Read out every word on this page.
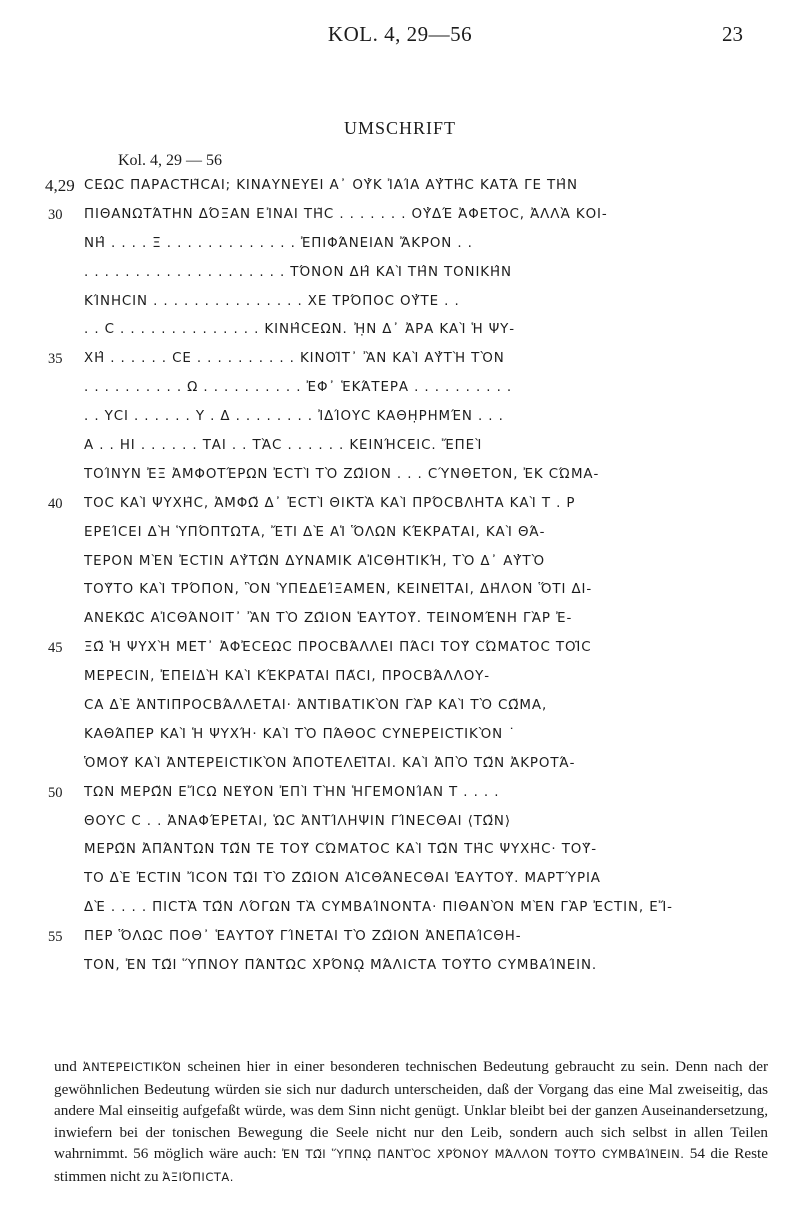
KOL. 4, 29—56	23
UMSCHRIFT
Kol. 4, 29 — 56
4,29 ϹΕΩϹ ΠΑΡΑϹΤΗ͂ϹΑΙ; ΚΙΝΑΥΝΕΥΕΙ Α᾽ ΟΥ̓Κ ἸΑΊΑ ΑΥ̓ΤΗ͂Ϲ ΚΑΤΆ ΓΕ ΤΗ̂Ν
30	ΠΙΘΑΝΩΤΆΤΗΝ ΔΌΞΑΝ ΕἾΝΑΙ ΤΗ͂Ϲ . . . . . . . ΟΥ̓ΔΈ ἈΦΕΤΟϹ, ἈΛΛᾺ ΚΟΙ-
ΝΗ̂ . . . . Ξ . . . . . . . . . . . . . ἘΠΙΦΆΝΕΙΑΝ ἌΚΡΟΝ . .
. . . . . . . . . . . . . . . . . . . . ΤΌΝΟΝ ΔΗ̂ ΚΑῚ ΤΗ̂Ν ΤΟΝΙΚΗ̂Ν
ΚΊΝΗϹΙΝ . . . . . . . . . . . . . . . ΧΕ ΤΡΌΠΟϹ ΟΥ̓ΤΕ . .
. . Ϲ . . . . . . . . . . . . . . ΚΙΝΗ̂ϹΕΩΝ. Ἦ̣Ν Δ᾽ ἈΡΑ ΚΑῚ Ἡ ΨΥ-
35	ΧΗ̂ . . . . . . ϹΕ . . . . . . . . . . ΚΙΝΟΙ͂Τ᾽ ἊΝ ΚΑῚ ΑΥ̓ΤῊ ΤῸΝ
. . . . . . . . . . Ω . . . . . . . . . . ἘΦ᾽ ἙΚΆΤΕΡΑ . . . . . . . . . .
. . ΥϹΙ . . . . . . Υ . Δ . . . . . . . . ἸΔΊΟΥϹ ΚΑΘΗ̣ΡΗΜΈΝ . . .
Α . . ΗΙ . . . . . . ΤΑΙ . . ΤᾺϹ . . . . . . ΚΕΙΝΉϹΕΙϹ. ἜΠΕῚ
ΤΟΊΝΥΝ ἘΞ ἈΜΦΟΤΈΡΩΝ ἘϹΤῚ ΤῸ ΖΩ͂ΙΟΝ . . . ϹΎΝΘΕΤΟΝ, ἘΚ ϹΏΜΑ-
40	ΤΟϹ ΚΑῚ ΨΥΧΗ͂Ϲ, ἈΜΦΩ͂ Δ᾽ ἘϹΤῚ ΘΙΚΤᾺ ΚΑῚ ΠΡΌϹΒΛΗΤΑ ΚΑῚ Τ . Ρ
ΕΡΕΊϹΕΙ ΔῊ ὙΠΌΠΤΩΤΑ, ἜΤΙ ΔῈ ΑἹ ὍΛΩΝ ΚΈΚΡΑΤΑΙ, ΚΑῚ ΘΆ-
ΤΕΡΟΝ ΜῈΝ ἘϹΤΙΝ ΑΥ̓ΤΩ͂Ν ΔΥΝΑΜΙΚ ΑἸϹΘΗΤΙΚΉ, ΤῸ Δ᾽ ΑΥ̓ΤῸ
ΤΟΥ͂ΤΟ ΚΑῚ ΤΡΌΠΟΝ, ὋΝ ὙΠΕΔΕΊΞΑΜΕΝ, ΚΕΙΝΕΙ͂ΤΑΙ, ΔΗ͂ΛΟΝ ὍΤΙ ΔΙ-
ΑΝΕΚΩ͂Ϲ ΑἸϹΘΆΝΟΙΤ᾽ ἊΝ ΤῸ ΖΩ͂ΙΟΝ ἙΑΥΤΟΥ͂. ΤΕΙΝΟΜΈΝΗ ΓᾺΡ Ἐ-
45	ΞΩ͂ Ἡ ΨΥΧῊ ΜΕΤ᾽ ἈΦἘϹΕΩϹ ΠΡΟϹΒΆΛΛΕΙ ΠΆϹΙ ΤΟΥ͂ ϹΏΜΑΤΟϹ ΤΟΙ͂Ϲ
ΜΕΡΕϹΙΝ, ἘΠΕΙΔῊ ΚΑῚ ΚΈΚΡΑΤΑΙ ΠΑ͂ϹΙ, ΠΡΟϹΒΆΛΛΟΥ-
ϹΑ ΔῈ ἈΝΤΙΠΡΟϹΒΆΛΛΕΤΑΙ· ἈΝΤΙΒΑΤΙΚῸΝ ΓᾺΡ ΚΑῚ ΤῸ ϹΩ͂ΜΑ,
ΚΑΘΆΠΕΡ ΚΑῚ Ἡ ΨΥΧΉ· ΚΑῚ ΤῸ ΠΆΘΟϹ ϹΥΝΕΡΕΙϹΤΙΚῸΝ ˙
ὉΜΟΥ͂ ΚΑῚ ἈΝΤΕΡΕΙϹΤΙΚῸΝ ἈΠΟΤΕΛΕΙ͂ΤΑΙ. ΚΑῚ ἈΠῸ ΤΩ͂Ν ἈΚΡΟΤΆ-
50	ΤΩΝ ΜΕΡΩ͂Ν ΕἼϹΩ ΝΕΥ͂ΟΝ ἘΠῚ ΤῊΝ ἩΓΕΜΟΝΊΑΝ Τ . . . .
ΘΟΥϹ Ϲ . . ἈΝΑΦΈΡΕΤΑΙ, ὩϹ ἈΝΤΊΛΗΨΙΝ ΓΊΝΕϹΘΑΙ ⟨ΤΩ͂Ν⟩
ΜΕΡΩ͂Ν ἈΠΆΝΤΩΝ ΤΩ͂Ν ΤΕ ΤΟΥ͂ ϹΏΜΑΤΟϹ ΚΑῚ ΤΩ͂Ν ΤΗ͂Ϲ ΨΥΧΗ͂Ϲ· ΤΟΥ͂-
ΤΟ ΔῈ ἘϹΤΙΝ ἼϹΟΝ ΤΩ͂Ι ΤῸ ΖΩ͂ΙΟΝ ΑἸϹΘΆΝΕϹΘΑΙ ἙΑΥΤΟΥ͂. ΜΑΡΤΎΡΙΑ
ΔῈ . . . . ΠΙϹΤᾺ ΤΩ͂Ν ΛΌΓΩΝ ΤᾺ ϹΥΜΒΑΊΝΟΝΤΑ· ΠΙΘΑΝῸΝ ΜῈΝ ΓᾺΡ ἘϹΤΙΝ, ΕἼ-
55	ΠΕΡ ὍΛΩϹ ΠΟΘ᾽ ἙΑΥΤΟΥ͂ ΓΊΝΕΤΑΙ ΤῸ ΖΩ͂ΙΟΝ ἈΝΕΠΑΊϹΘΗ-
ΤΟΝ, ἘΝ ΤΩ͂Ι ὝΠΝΟΥ ΠΆΝΤΩϹ ΧΡΌΝῼ ΜΆΛΙϹΤΑ ΤΟΥ͂ΤΟ ϹΥΜΒΑΊΝΕΙΝ.
und ἈΝΤΕΡΕΙϹΤΙΚΌΝ scheinen hier in einer besonderen technischen Bedeutung gebraucht zu sein. Denn nach der gewöhnlichen Bedeutung würden sie sich nur dadurch unterscheiden, daß der Vorgang das eine Mal zweiseitig, das andere Mal einseitig aufgefaßt würde, was dem Sinn nicht genügt. Unklar bleibt bei der ganzen Auseinandersetzung, inwiefern bei der tonischen Bewegung die Seele nicht nur den Leib, sondern auch sich selbst in allen Teilen wahrnimmt. 56 möglich wäre auch: ἘΝ ΤΩ͂Ι ὝΠΝῼ ΠΑΝΤῸϹ ΧΡΌΝΟΥ ΜΆΛΛΟΝ ΤΟΥ͂ΤΟ ϹΥΜΒΑΊΝΕΙΝ. 54 die Reste stimmen nicht zu ἈΞΙΌΠΙϹΤΑ.
